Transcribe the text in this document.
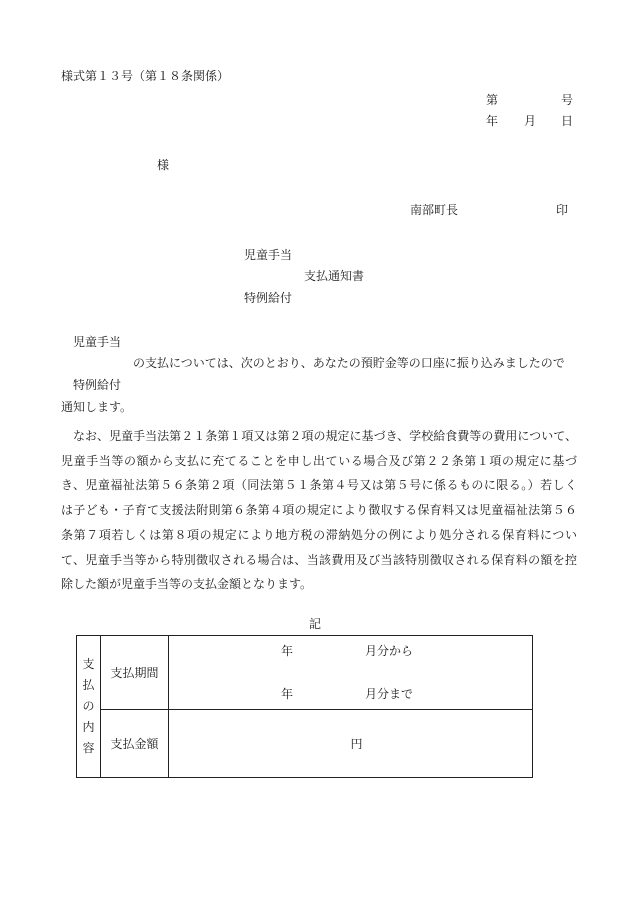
様式第１３号（第１８条関係）
第	号
年 月 日
様
南部町長	印
児童手当
支払通知書
特例給付
児童手当
の支払については、次のとおり、あなたの預貯金等の口座に振り込みましたので
特例給付
通知します。
なお、児童手当法第２１条第１項又は第２項の規定に基づき、学校給食費等の費用について、
児童手当等の額から支払に充てることを申し出ている場合及び第２２条第１項の規定に基づ
き、児童福祉法第５６条第２項（同法第５１条第４号又は第５号に係るものに限る。）若しく
は子ども・子育て支援法附則第６条第４項の規定により徴収する保育料又は児童福祉法第５６
条第７項若しくは第８項の規定により地方税の滞納処分の例により処分される保育料につい
て、児童手当等から特別徴収される場合は、当該費用及び当該特別徴収される保育料の額を控
除した額が児童手当等の支払金額となります。
記
支
払
の
内
容	支払期間	年 月分から
年 月分まで

	支払金額	円
